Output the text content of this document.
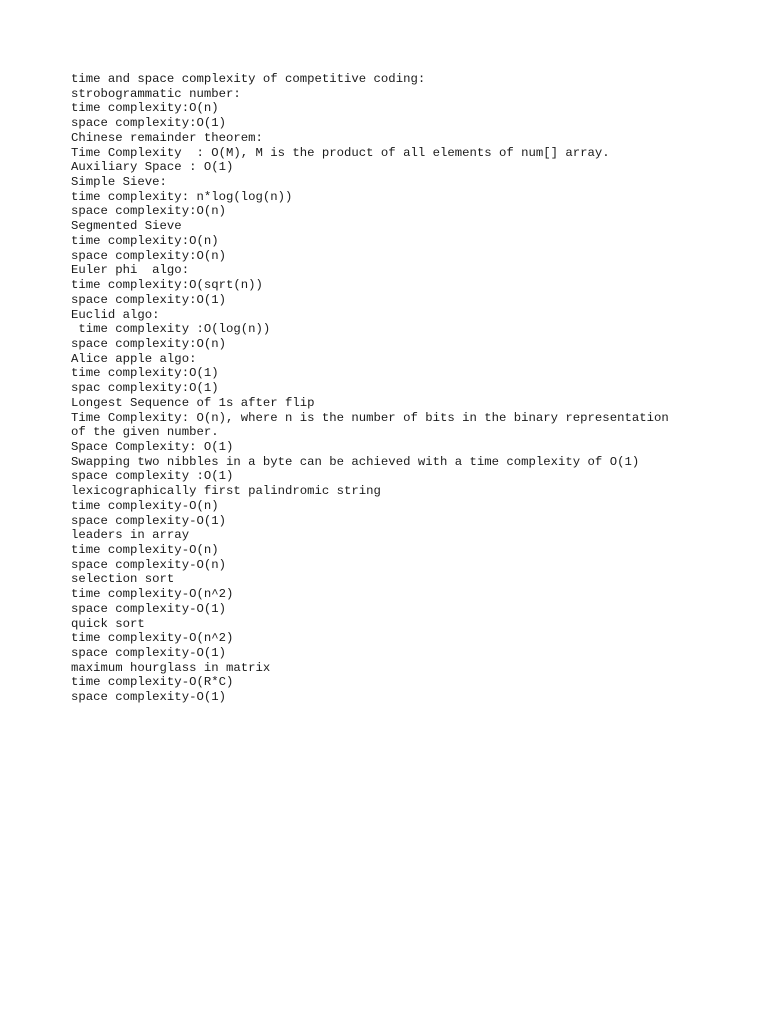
time and space complexity of competitive coding:
strobogrammatic number:
time complexity:O(n)
space complexity:O(1)
Chinese remainder theorem:
Time Complexity  : O(M), M is the product of all elements of num[] array.
Auxiliary Space : O(1)
Simple Sieve:
time complexity: n*log(log(n))
space complexity:O(n)
Segmented Sieve
time complexity:O(n)
space complexity:O(n)
Euler phi  algo:
time complexity:O(sqrt(n))
space complexity:O(1)
Euclid algo:
time complexity :O(log(n))
space complexity:O(n)
Alice apple algo:
time complexity:O(1)
spac complexity:O(1)
Longest Sequence of 1s after flip
Time Complexity: O(n), where n is the number of bits in the binary representation
of the given number.
Space Complexity: O(1)
Swapping two nibbles in a byte can be achieved with a time complexity of O(1)
space complexity :O(1)
lexicographically first palindromic string
time complexity-O(n)
space complexity-O(1)
leaders in array
time complexity-O(n)
space complexity-O(n)
selection sort
time complexity-O(n^2)
space complexity-O(1)
quick sort
time complexity-O(n^2)
space complexity-O(1)
maximum hourglass in matrix
time complexity-O(R*C)
space complexity-O(1)
